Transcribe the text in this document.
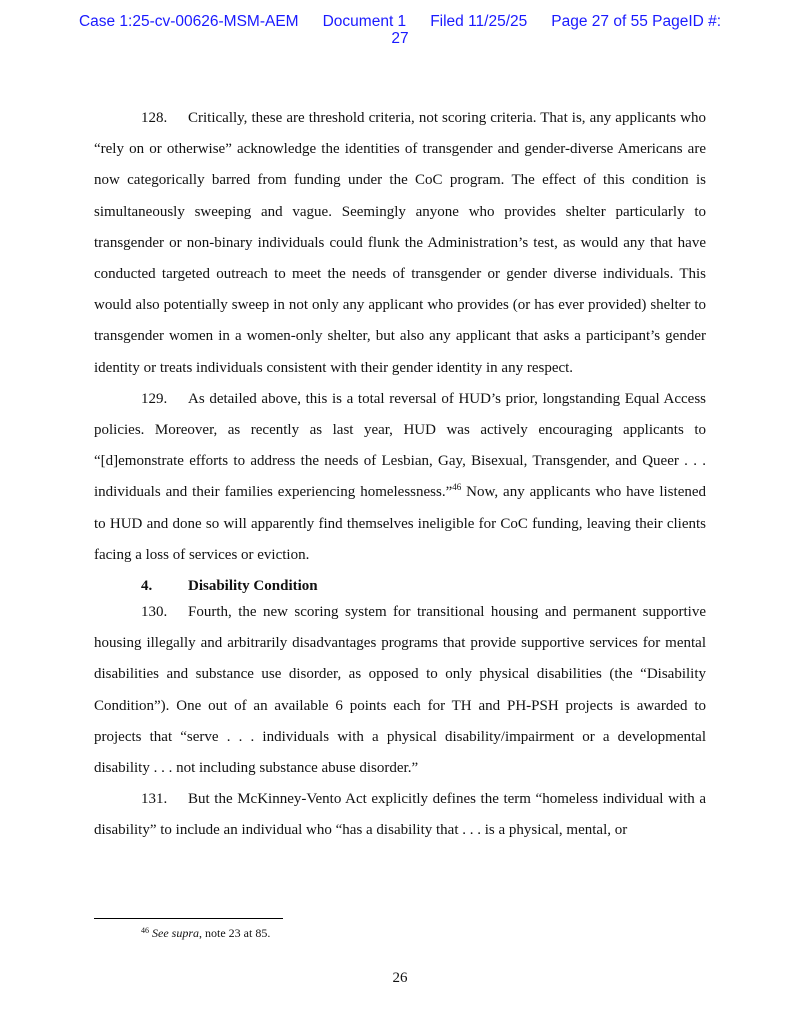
Case 1:25-cv-00626-MSM-AEM Document 1 Filed 11/25/25 Page 27 of 55 PageID #:
27

128. Critically, these are threshold criteria, not scoring criteria. That is, any applicants who “rely on or otherwise” acknowledge the identities of transgender and gender-diverse Americans are now categorically barred from funding under the CoC program. The effect of this condition is simultaneously sweeping and vague. Seemingly anyone who provides shelter particularly to transgender or non-binary individuals could flunk the Administration’s test, as would any that have conducted targeted outreach to meet the needs of transgender or gender diverse individuals. This would also potentially sweep in not only any applicant who provides (or has ever provided) shelter to transgender women in a women-only shelter, but also any applicant that asks a participant’s gender identity or treats individuals consistent with their gender identity in any respect.

129. As detailed above, this is a total reversal of HUD’s prior, longstanding Equal Access policies. Moreover, as recently as last year, HUD was actively encouraging applicants to “[d]emonstrate efforts to address the needs of Lesbian, Gay, Bisexual, Transgender, and Queer . . . individuals and their families experiencing homelessness.”$^{46}$ Now, any applicants who have listened to HUD and done so will apparently find themselves ineligible for CoC funding, leaving their clients facing a loss of services or eviction.

4. Disability Condition

130. Fourth, the new scoring system for transitional housing and permanent supportive housing illegally and arbitrarily disadvantages programs that provide supportive services for mental disabilities and substance use disorder, as opposed to only physical disabilities (the “Disability Condition”). One out of an available 6 points each for TH and PH-PSH projects is awarded to projects that “serve . . . individuals with a physical disability/impairment or a developmental disability . . . not including substance abuse disorder.”

131. But the McKinney-Vento Act explicitly defines the term “homeless individual with a disability” to include an individual who “has a disability that . . . is a physical, mental, or

$^{46}$ See supra, note 23 at 85.
26
